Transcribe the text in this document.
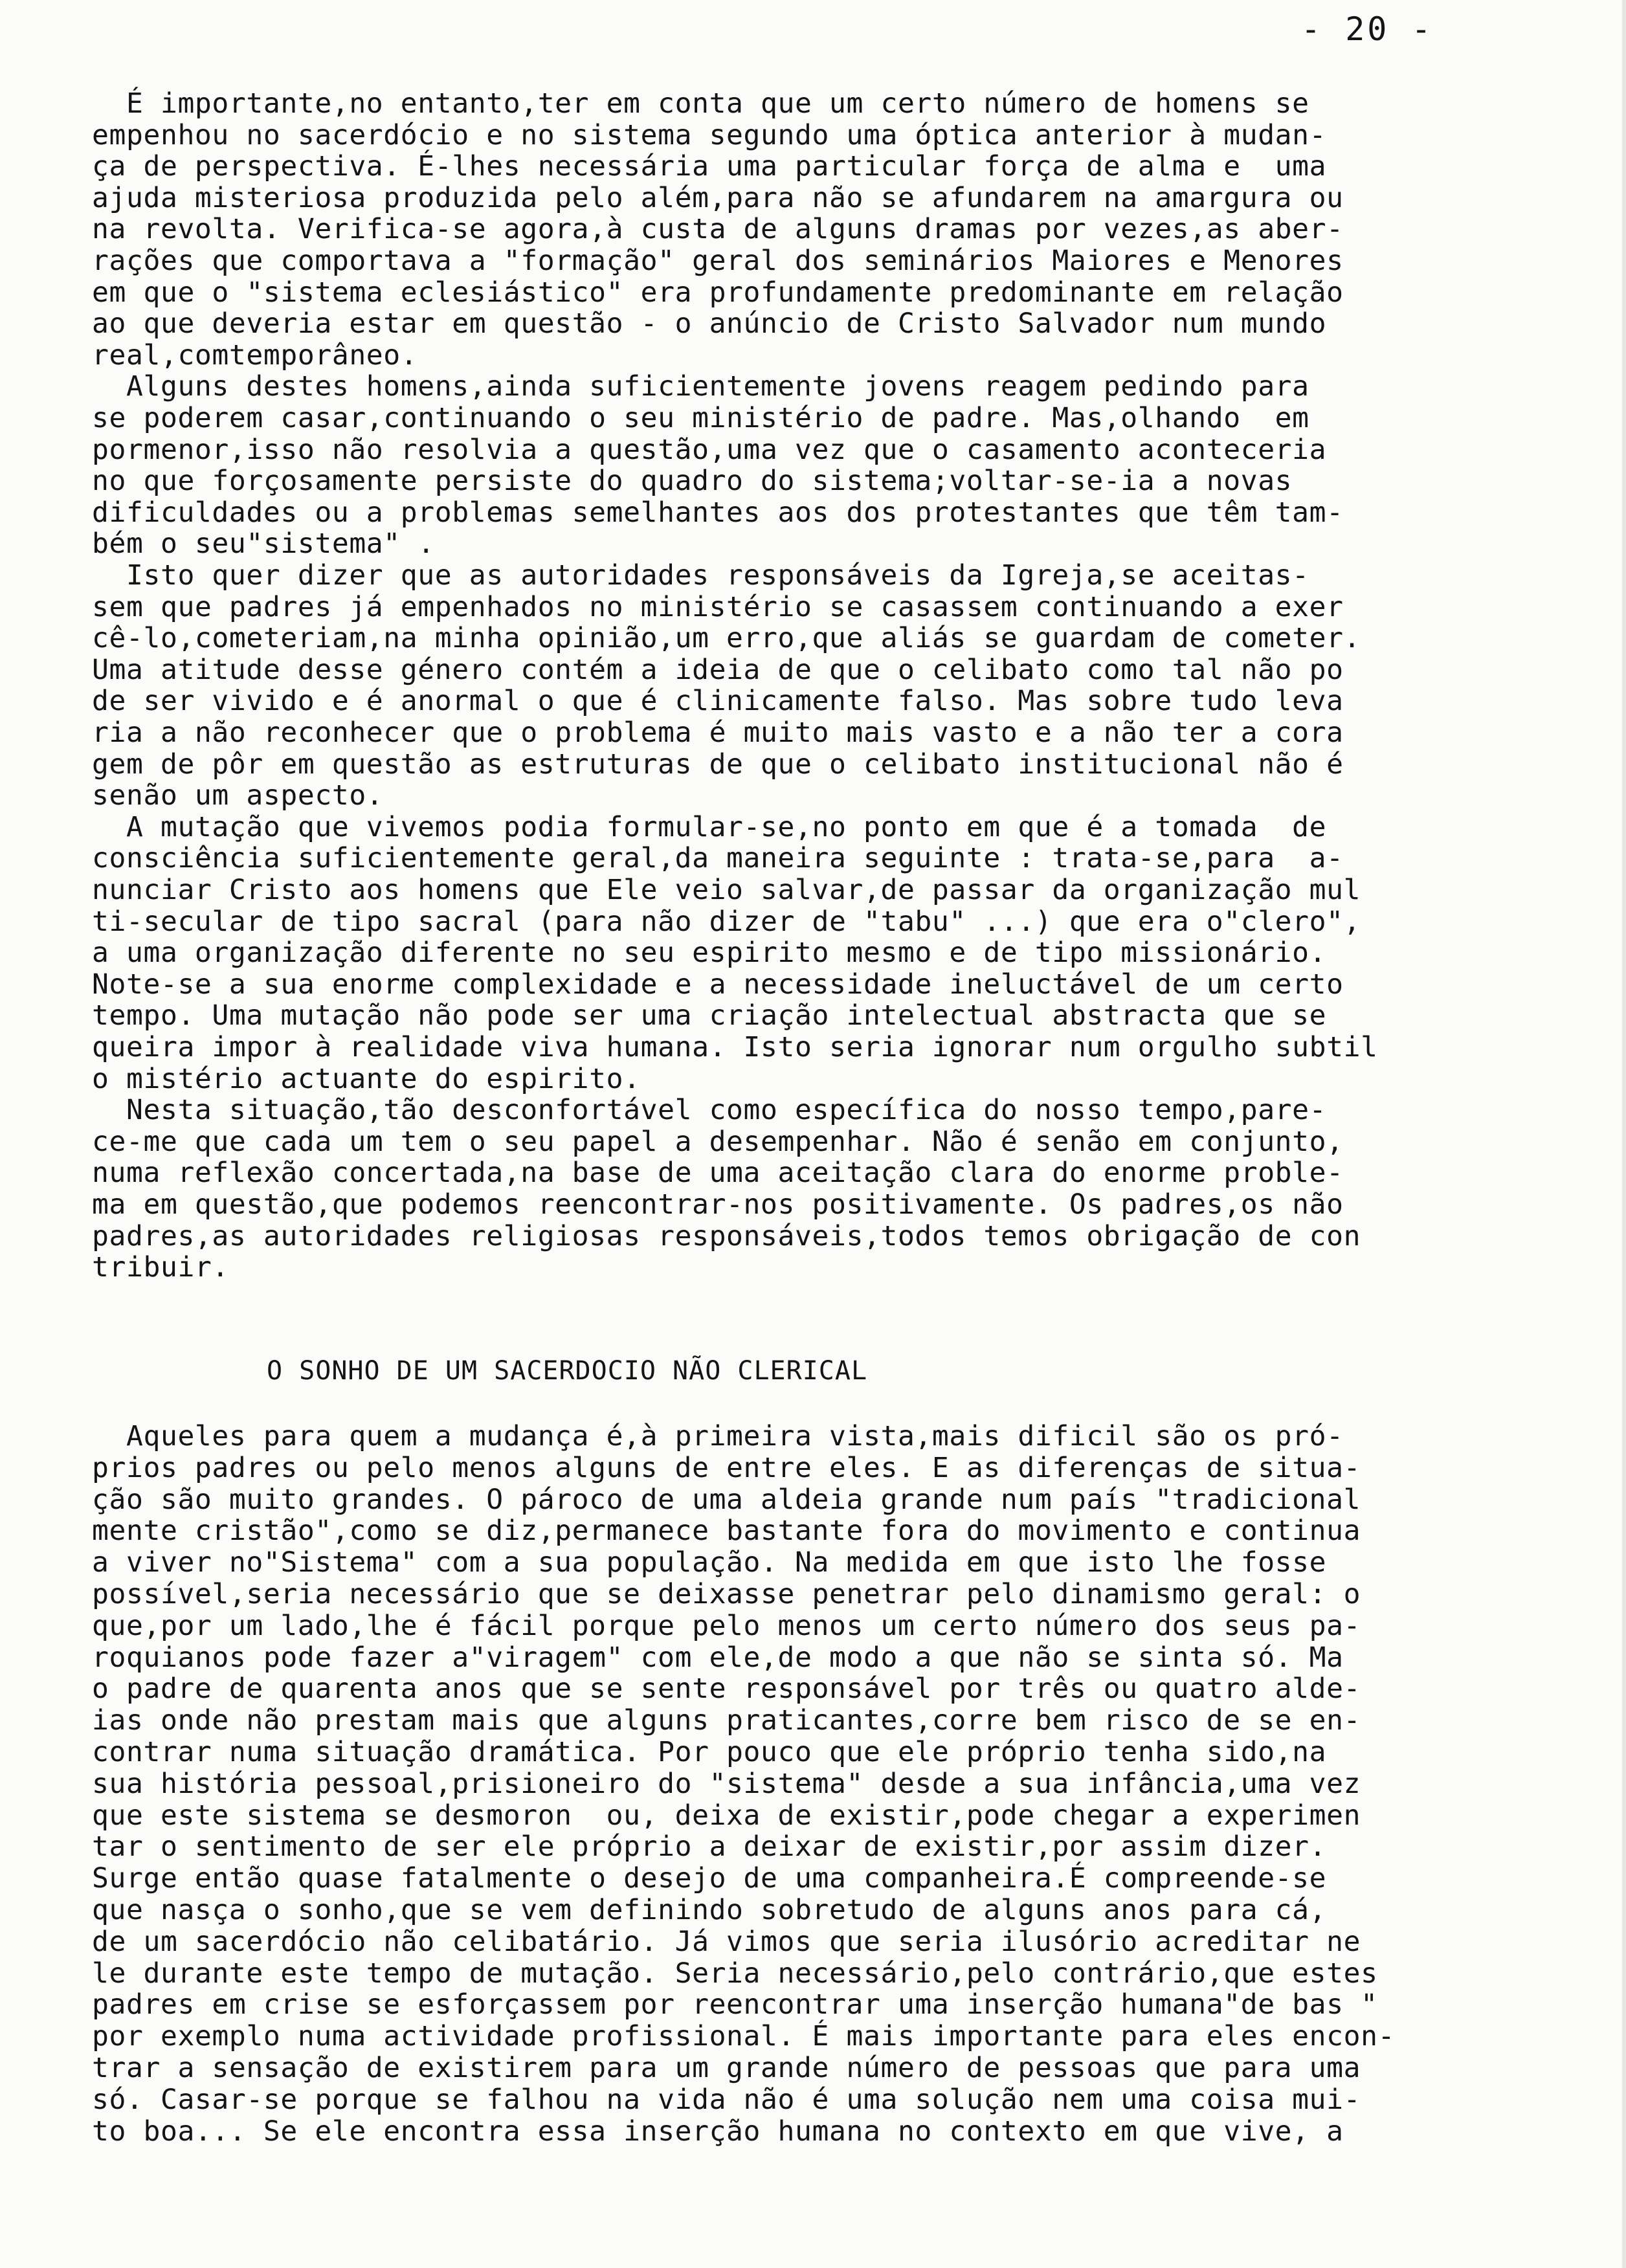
- 20 -
É importante,no entanto,ter em conta que um certo número de homens se
empenhou no sacerdócio e no sistema segundo uma óptica anterior à mudan-
ça de perspectiva. É-lhes necessária uma particular força de alma e  uma
ajuda misteriosa produzida pelo além,para não se afundarem na amargura ou
na revolta. Verifica-se agora,à custa de alguns dramas por vezes,as aber-
rações que comportava a "formação" geral dos seminários Maiores e Menores
em que o "sistema eclesiástico" era profundamente predominante em relação
ao que deveria estar em questão - o anúncio de Cristo Salvador num mundo
real,comtemporâneo.
Alguns destes homens,ainda suficientemente jovens reagem pedindo para
se poderem casar,continuando o seu ministério de padre. Mas,olhando  em
pormenor,isso não resolvia a questão,uma vez que o casamento aconteceria
no que forçosamente persiste do quadro do sistema;voltar-se-ia a novas
dificuldades ou a problemas semelhantes aos dos protestantes que têm tam-
bém o seu"sistema" .
Isto quer dizer que as autoridades responsáveis da Igreja,se aceitas-
sem que padres já empenhados no ministério se casassem continuando a exer
cê-lo,cometeriam,na minha opinião,um erro,que aliás se guardam de cometer.
Uma atitude desse género contém a ideia de que o celibato como tal não po
de ser vivido e é anormal o que é clinicamente falso. Mas sobre tudo leva
ria a não reconhecer que o problema é muito mais vasto e a não ter a cora
gem de pôr em questão as estruturas de que o celibato institucional não é
senão um aspecto.
A mutação que vivemos podia formular-se,no ponto em que é a tomada  de
consciência suficientemente geral,da maneira seguinte : trata-se,para  a-
nunciar Cristo aos homens que Ele veio salvar,de passar da organização mul
ti-secular de tipo sacral (para não dizer de "tabu" ...) que era o"clero",
a uma organização diferente no seu espirito mesmo e de tipo missionário.
Note-se a sua enorme complexidade e a necessidade ineluctável de um certo
tempo. Uma mutação não pode ser uma criação intelectual abstracta que se
queira impor à realidade viva humana. Isto seria ignorar num orgulho subtil
o mistério actuante do espirito.
Nesta situação,tão desconfortável como específica do nosso tempo,pare-
ce-me que cada um tem o seu papel a desempenhar. Não é senão em conjunto,
numa reflexão concertada,na base de uma aceitação clara do enorme proble-
ma em questão,que podemos reencontrar-nos positivamente. Os padres,os não
padres,as autoridades religiosas responsáveis,todos temos obrigação de con
tribuir.
O SONHO DE UM SACERDOCIO NÃO CLERICAL
Aqueles para quem a mudança é,à primeira vista,mais dificil são os pró-
prios padres ou pelo menos alguns de entre eles. E as diferenças de situa-
ção são muito grandes. O pároco de uma aldeia grande num país "tradicional
mente cristão",como se diz,permanece bastante fora do movimento e continua
a viver no"Sistema" com a sua população. Na medida em que isto lhe fosse
possível,seria necessário que se deixasse penetrar pelo dinamismo geral: o
que,por um lado,lhe é fácil porque pelo menos um certo número dos seus pa-
roquianos pode fazer a"viragem" com ele,de modo a que não se sinta só. Ma
o padre de quarenta anos que se sente responsável por três ou quatro alde-
ias onde não prestam mais que alguns praticantes,corre bem risco de se en-
contrar numa situação dramática. Por pouco que ele próprio tenha sido,na
sua história pessoal,prisioneiro do "sistema" desde a sua infância,uma vez
que este sistema se desmoron  ou, deixa de existir,pode chegar a experimen
tar o sentimento de ser ele próprio a deixar de existir,por assim dizer.
Surge então quase fatalmente o desejo de uma companheira.É compreende-se
que nasça o sonho,que se vem definindo sobretudo de alguns anos para cá,
de um sacerdócio não celibatário. Já vimos que seria ilusório acreditar ne
le durante este tempo de mutação. Seria necessário,pelo contrário,que estes
padres em crise se esforçassem por reencontrar uma inserção humana"de bas "
por exemplo numa actividade profissional. É mais importante para eles encon-
trar a sensação de existirem para um grande número de pessoas que para uma
só. Casar-se porque se falhou na vida não é uma solução nem uma coisa mui-
to boa... Se ele encontra essa inserção humana no contexto em que vive, a
